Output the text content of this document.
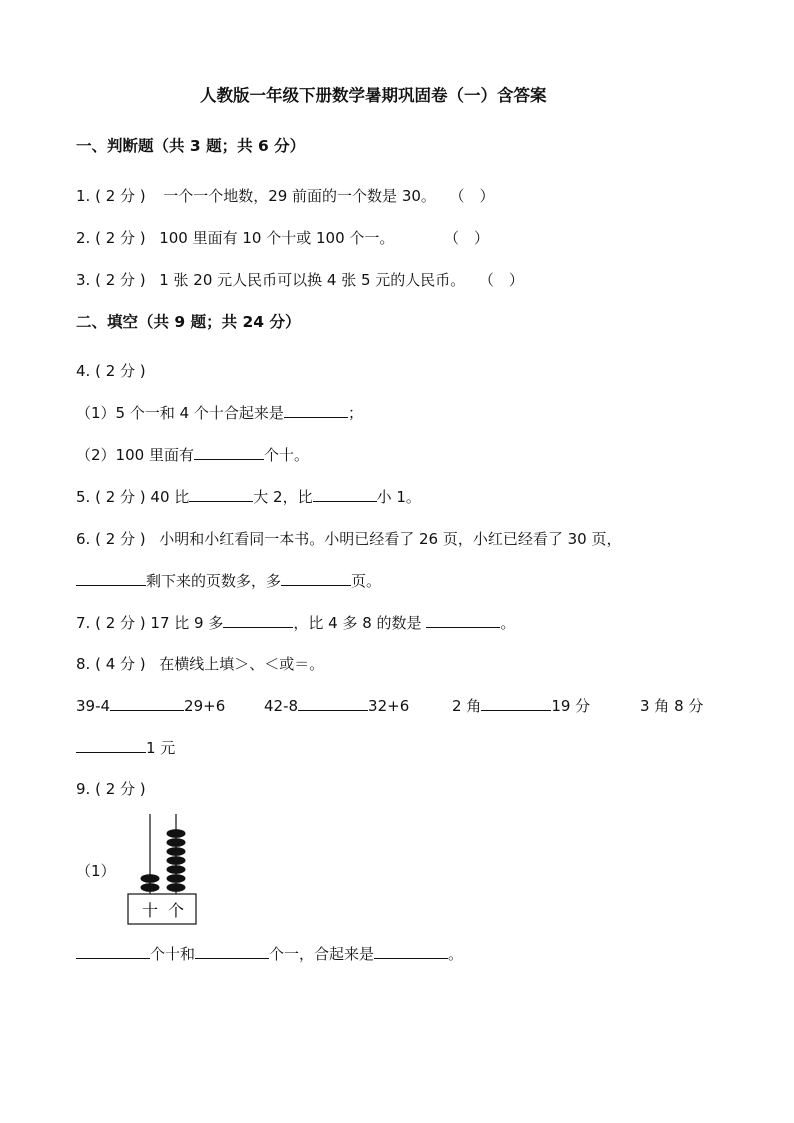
人教版一年级下册数学暑期巩固卷（一）含答案
一、判断题（共 3 题；共 6 分）
1. ( 2 分 ) 一个一个地数，29 前面的一个数是 30。 （　）
2. ( 2 分 ) 100 里面有 10 个十或 100 个一。	（　）
3. ( 2 分 ) 1 张 20 元人民币可以换 4 张 5 元的人民币。 （　）
二、填空（共 9 题；共 24 分）
4. ( 2 分 )
（1）5 个一和 4 个十合起来是	；
（2）100 里面有	个十。
5. ( 2 分 ) 40 比	大 2，比	小 1。
6. ( 2 分 ) 小明和小红看同一本书。小明已经看了 26 页，小红已经看了 30 页，
剩下来的页数多，多	页。
7. ( 2 分 ) 17 比 9 多	，比 4 多 8 的数是	。
8. ( 4 分 ) 在横线上填＞、＜或＝。
39-4	29+6	42-8	32+6	2 角	19 分	3 角 8 分
1 元
9. ( 2 分 )
（1）
十 个
个十和	个一，合起来是	。
